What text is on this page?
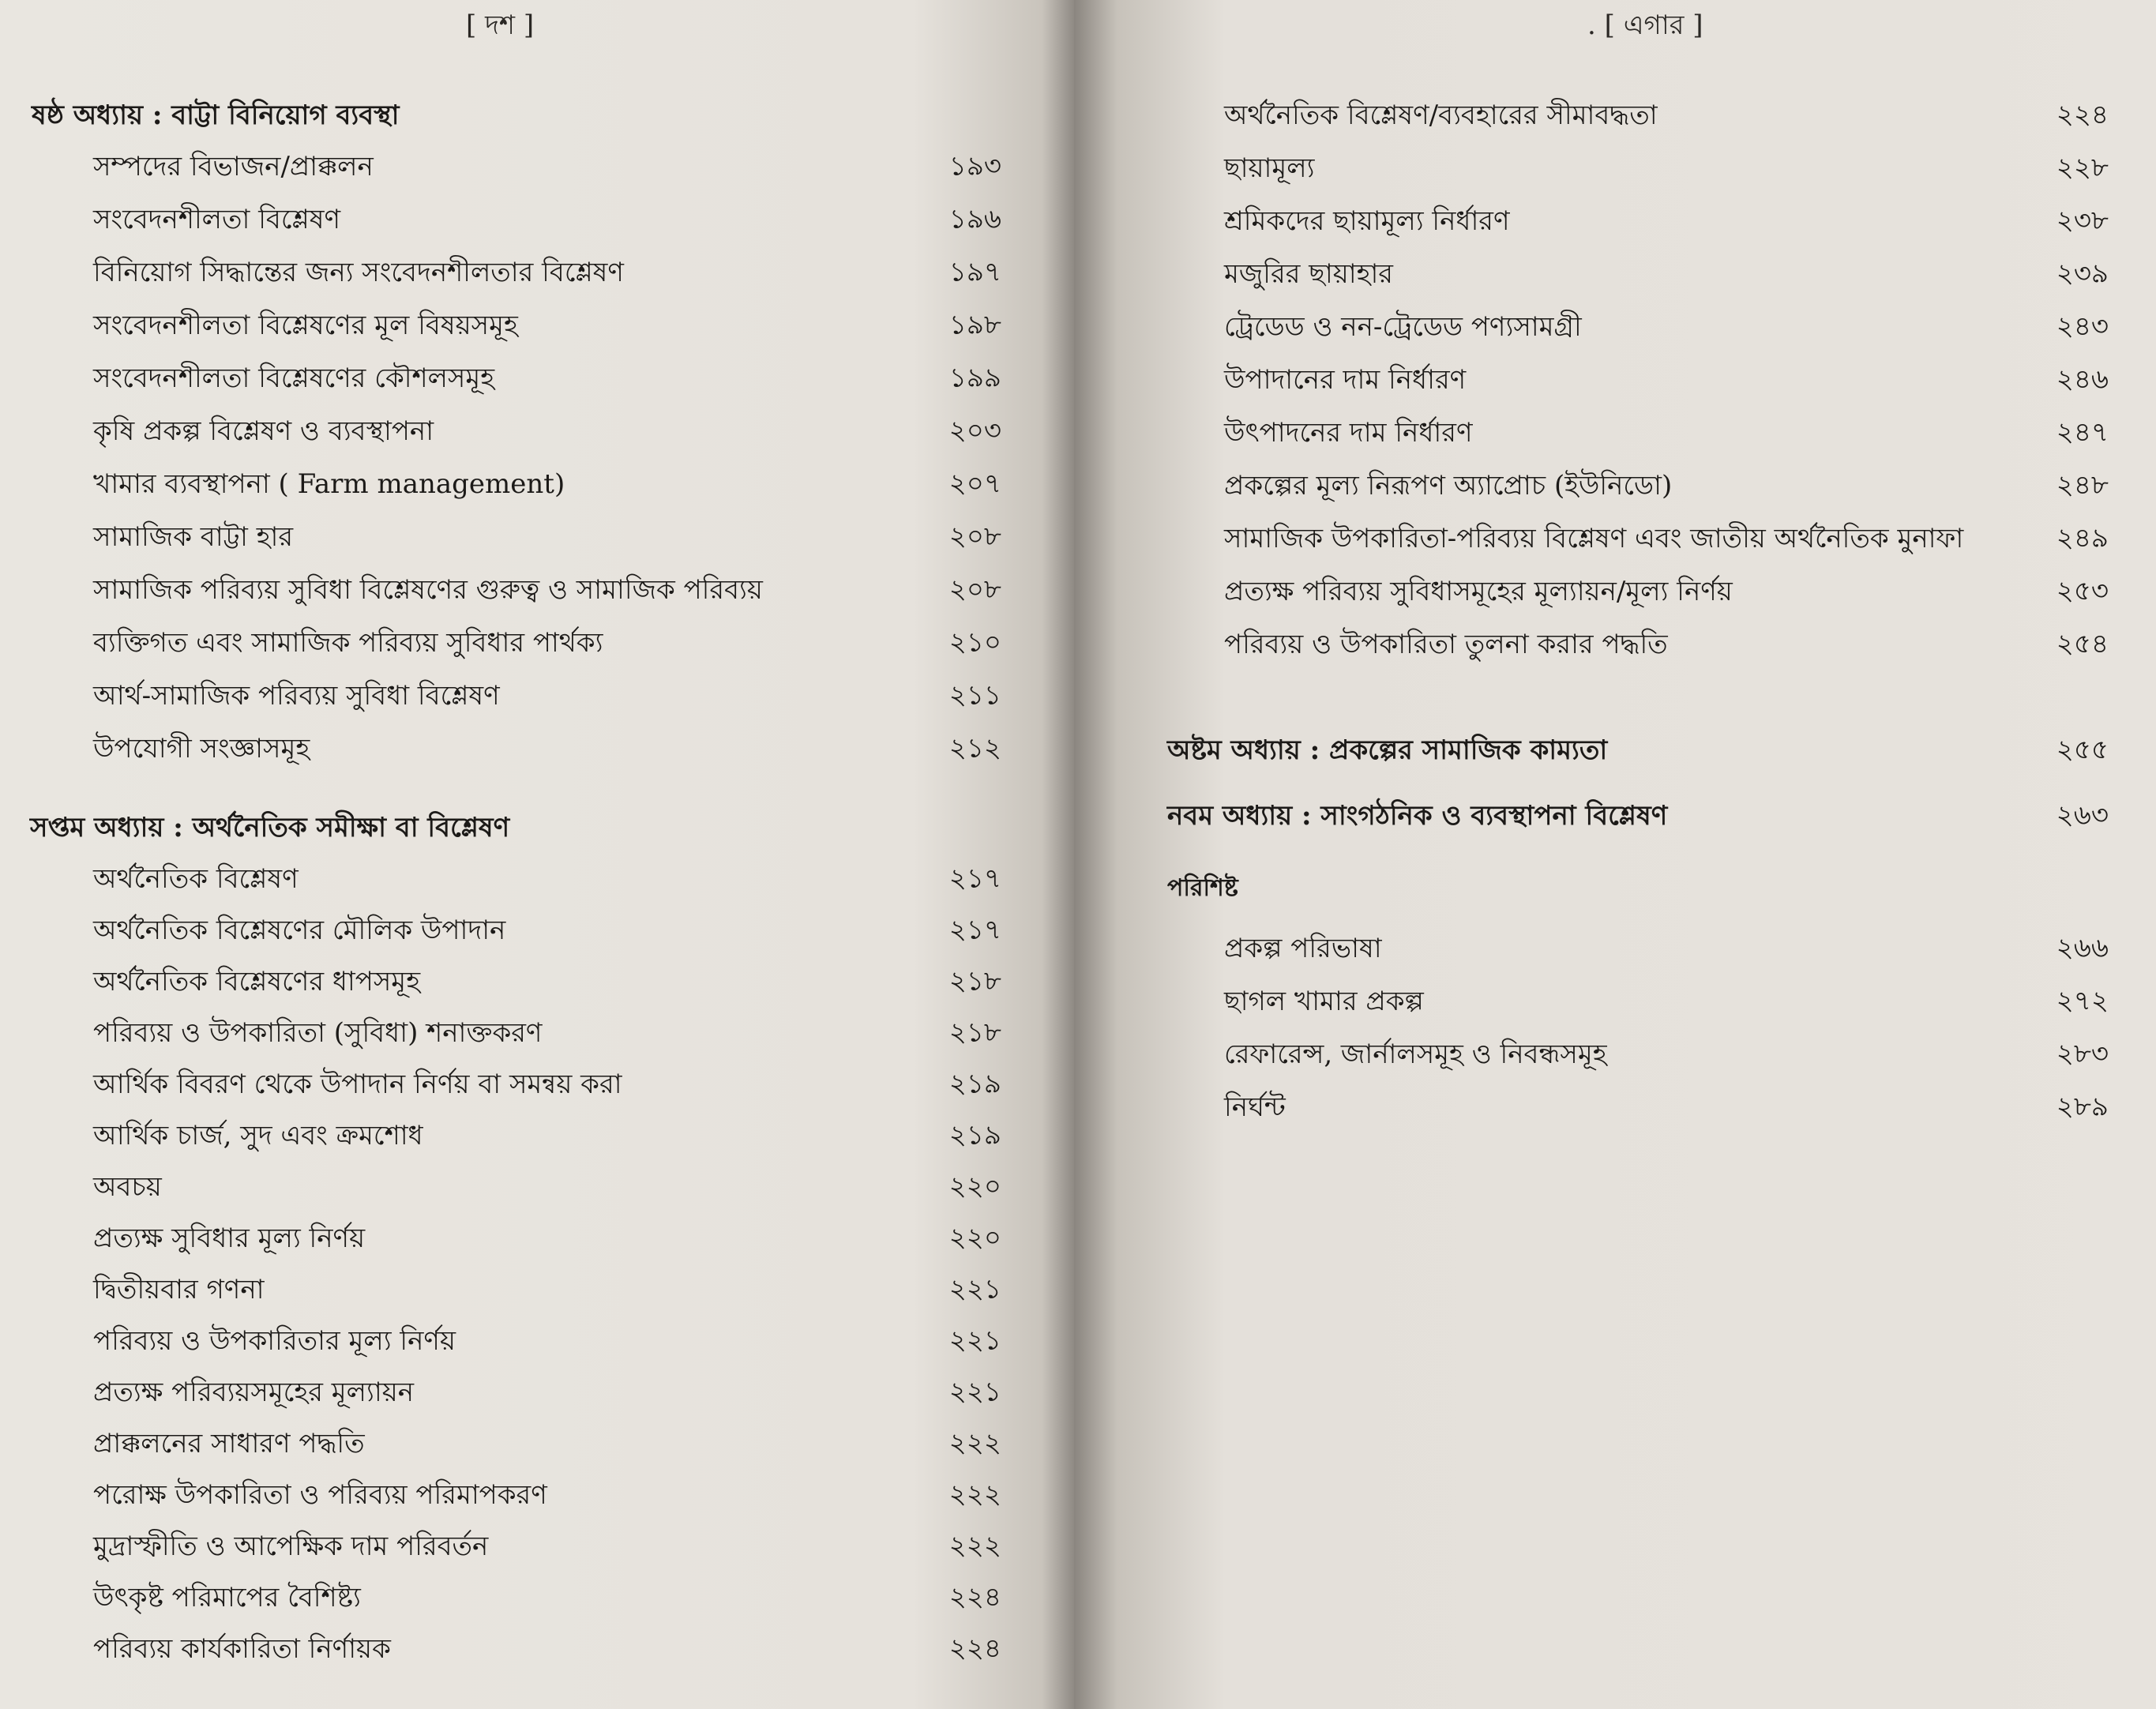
[ দশ ]
ষষ্ঠ অধ্যায় : বাট্টা বিনিয়োগ ব্যবস্থা
সম্পদের বিভাজন/প্রাক্কলন	১৯৩
সংবেদনশীলতা বিশ্লেষণ	১৯৬
বিনিয়োগ সিদ্ধান্তের জন্য সংবেদনশীলতার বিশ্লেষণ	১৯৭
সংবেদনশীলতা বিশ্লেষণের মূল বিষয়সমূহ	১৯৮
সংবেদনশীলতা বিশ্লেষণের কৌশলসমূহ	১৯৯
কৃষি প্রকল্প বিশ্লেষণ ও ব্যবস্থাপনা	২০৩
খামার ব্যবস্থাপনা ( Farm management)	২০৭
সামাজিক বাট্টা হার	২০৮
সামাজিক পরিব্যয় সুবিধা বিশ্লেষণের গুরুত্ব ও সামাজিক পরিব্যয়	২০৮
ব্যক্তিগত এবং সামাজিক পরিব্যয় সুবিধার পার্থক্য	২১০
আর্থ-সামাজিক পরিব্যয় সুবিধা বিশ্লেষণ	২১১
উপযোগী সংজ্ঞাসমূহ	২১২
সপ্তম অধ্যায় : অর্থনৈতিক সমীক্ষা বা বিশ্লেষণ
অর্থনৈতিক বিশ্লেষণ	২১৭
অর্থনৈতিক বিশ্লেষণের মৌলিক উপাদান	২১৭
অর্থনৈতিক বিশ্লেষণের ধাপসমূহ	২১৮
পরিব্যয় ও উপকারিতা (সুবিধা) শনাক্তকরণ	২১৮
আর্থিক বিবরণ থেকে উপাদান নির্ণয় বা সমন্বয় করা	২১৯
আর্থিক চার্জ, সুদ এবং ক্রমশোধ	২১৯
অবচয়	২২০
প্রত্যক্ষ সুবিধার মূল্য নির্ণয়	২২০
দ্বিতীয়বার গণনা	২২১
পরিব্যয় ও উপকারিতার মূল্য নির্ণয়	২২১
প্রত্যক্ষ পরিব্যয়সমূহের মূল্যায়ন	২২১
প্রাক্কলনের সাধারণ পদ্ধতি	২২২
পরোক্ষ উপকারিতা ও পরিব্যয় পরিমাপকরণ	২২২
মুদ্রাস্ফীতি ও আপেক্ষিক দাম পরিবর্তন	২২২
উৎকৃষ্ট পরিমাপের বৈশিষ্ট্য	২২৪
পরিব্যয় কার্যকারিতা নির্ণায়ক	২২৪
. [ এগার ]
অর্থনৈতিক বিশ্লেষণ/ব্যবহারের সীমাবদ্ধতা	২২৪
ছায়ামূল্য	২২৮
শ্রমিকদের ছায়ামূল্য নির্ধারণ	২৩৮
মজুরির ছায়াহার	২৩৯
ট্রেডেড ও নন-ট্রেডেড পণ্যসামগ্রী	২৪৩
উপাদানের দাম নির্ধারণ	২৪৬
উৎপাদনের দাম নির্ধারণ	২৪৭
প্রকল্পের মূল্য নিরূপণ অ্যাপ্রোচ (ইউনিডো)	২৪৮
সামাজিক উপকারিতা-পরিব্যয় বিশ্লেষণ এবং জাতীয় অর্থনৈতিক মুনাফা	২৪৯
প্রত্যক্ষ পরিব্যয় সুবিধাসমূহের মূল্যায়ন/মূল্য নির্ণয়	২৫৩
পরিব্যয় ও উপকারিতা তুলনা করার পদ্ধতি	২৫৪
অষ্টম অধ্যায় : প্রকল্পের সামাজিক কাম্যতা	২৫৫
নবম অধ্যায় : সাংগঠনিক ও ব্যবস্থাপনা বিশ্লেষণ	২৬৩
পরিশিষ্ট
প্রকল্প পরিভাষা	২৬৬
ছাগল খামার প্রকল্প	২৭২
রেফারেন্স, জার্নালসমূহ ও নিবন্ধসমূহ	২৮৩
নির্ঘন্ট	২৮৯
